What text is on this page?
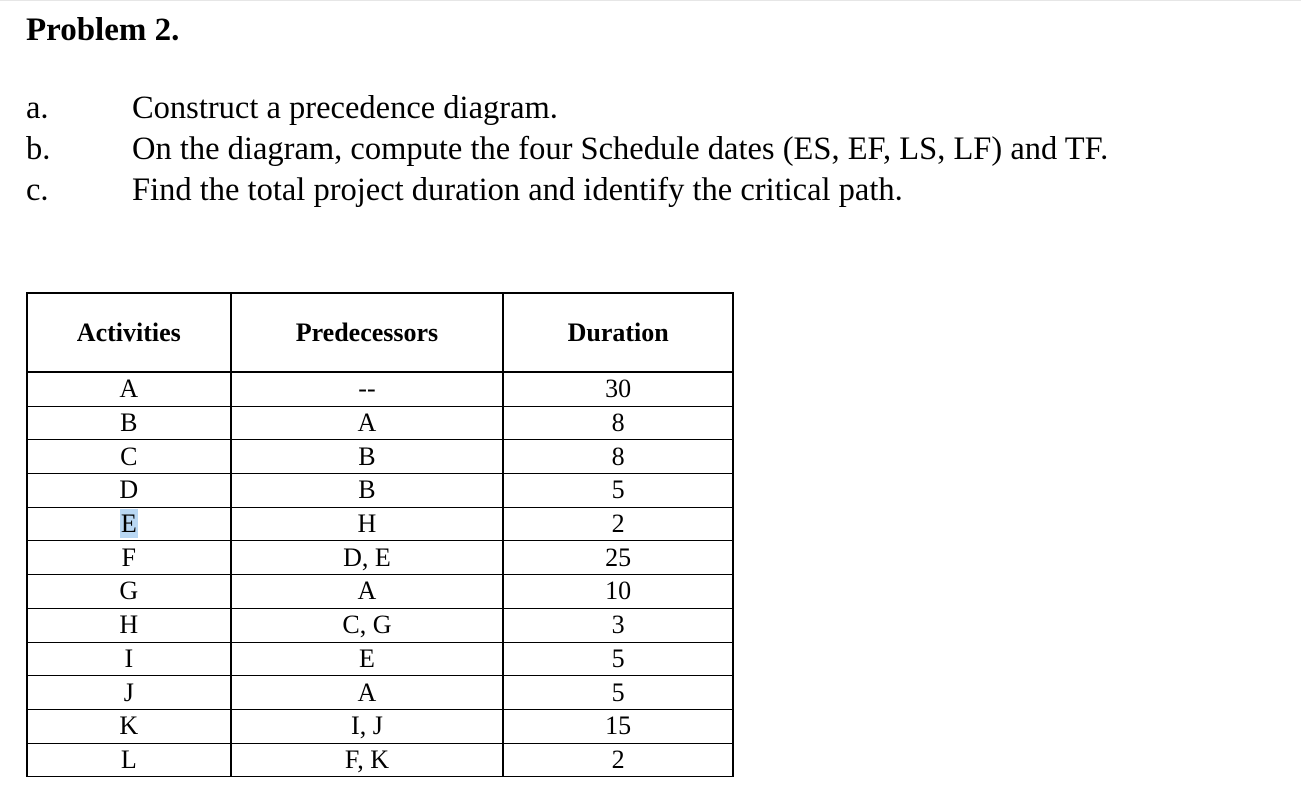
Problem 2.
a.	Construct a precedence diagram.
b.	On the diagram, compute the four Schedule dates (ES, EF, LS, LF) and TF.
c.	Find the total project duration and identify the critical path.
Activities	Predecessors	Duration
A	--	30
B	A	8
C	B	8
D	B	5
E	H	2
F	D, E	25
G	A	10
H	C, G	3
I	E	5
J	A	5
K	I, J	15
L	F, K	2
